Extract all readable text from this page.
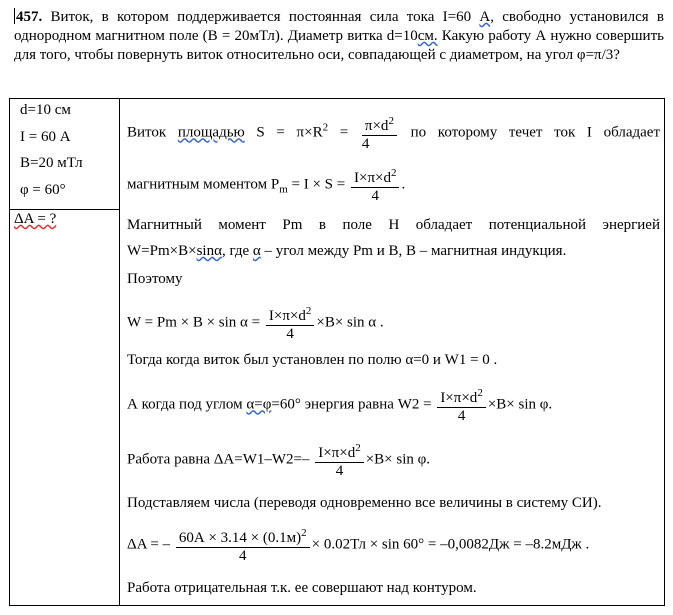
457. Виток, в котором поддерживается постоянная сила тока I=60 А, свободно установился в однородном магнитном поле (В = 20мТл). Диаметр витка d=10см. Какую работу А нужно совершить для того, чтобы повернуть виток относительно оси, совпадающей с диаметром, на угол φ=π/3?
d=10 см
I = 60 А
B=20 мТл
φ = 60°
ΔA = ?
Виток площадью $S = \pi\times R^2 = \frac{\pi\times d^2}{4}$ по которому течет ток I обладает
магнитным моментом $P_m = I \times S = \frac{I\times\pi\times d^2}{4}$ .
Магнитный момент Pm в поле Н обладает потенциальной энергией
W=Pm×B×sinα, где α – угол между Pm и B, B – магнитная индукция.
Поэтому
$W = Pm \times B \times \sin \alpha = \frac{I\times\pi\times d^2}{4} \times B\times \sin \alpha$ .
Тогда когда виток был установлен по полю α=0 и W1 = 0 .
А когда под углом α=φ=60° энергия равна $W2 = \frac{I\times\pi\times d^2}{4} \times B\times \sin \varphi$.
Работа равна $\Delta A=W1-W2=- \frac{I\times\pi\times d^2}{4} \times B\times \sin \varphi$.
Подставляем числа (переводя одновременно все величины в систему СИ).
ΔA = – $\frac{60А \times 3.14 \times (0.1м)^2}{4} \times 0.02Тл \times \sin 60^\circ = -0,0082Дж = -8.2мДж$ .
Работа отрицательная т.к. ее совершают над контуром.
